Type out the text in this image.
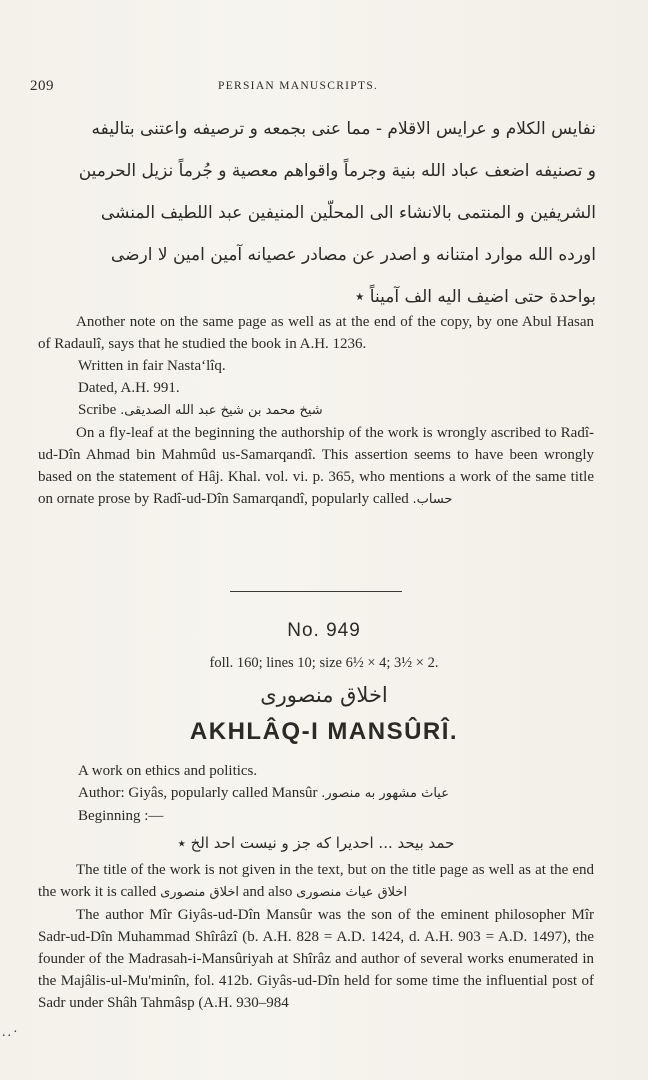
209	PERSIAN MANUSCRIPTS.
نفایس الکلام و عرایس الاقلام - مما عنی بجمعه و ترصیفه واعتنی بتالیفه
و تصنیفه اضعف عباد الله بنیة وجرماً واقواهم معصیة و جُرماً نزیل الحرمین
الشریفین و المنتمی بالانشاء الی المحلّین المنیفین عبد اللطیف المنشی
اورده الله موارد امتنانه و اصدر عن مصادر عصیانه آمین امین لا ارضی
بواحدة حتی اضیف الیه الف آمیناً ٭

Another note on the same page as well as at the end of the copy, by one Abul Hasan of Radaulî, says that he studied the book in A.H. 1236.

Written in fair Nasta‘lîq.
Dated, A.H. 991.
Scribe شیخ محمد بن شیخ عبد الله الصدیقی.

On a fly-leaf at the beginning the authorship of the work is wrongly ascribed to Radî-ud-Dîn Ahmad bin Mahmûd us-Samarqandî. This assertion seems to have been wrongly based on the statement of Hâj. Khal. vol. vi. p. 365, who mentions a work of the same title on ornate prose by Radî-ud-Dîn Samarqandî, popularly called حساب.

No. 949
foll. 160; lines 10; size 6½ × 4; 3½ × 2.
اخلاق منصوری
AKHLÂQ-I MANSÛRÎ.
A work on ethics and politics.
Author: Giyâs, popularly called Mansûr عیاث مشهور به منصور.
Beginning :—
حمد بیحد ... احدیرا که جز و نیست احد الخ ٭

The title of the work is not given in the text, but on the title page as well as at the end the work it is called اخلاق منصوری and also اخلاق عیاث منصوری

The author Mîr Giyâs-ud-Dîn Mansûr was the son of the eminent philosopher Mîr Sadr-ud-Dîn Muhammad Shîrâzî (b. A.H. 828 = A.D. 1424, d. A.H. 903 = A.D. 1497), the founder of the Madrasah-i-Mansûriyah at Shîrâz and author of several works enumerated in the Majâlis-ul-Mu'minîn, fol. 412b. Giyâs-ud-Dîn held for some time the influential post of Sadr under Shâh Tahmâsp (A.H. 930–984

..·
